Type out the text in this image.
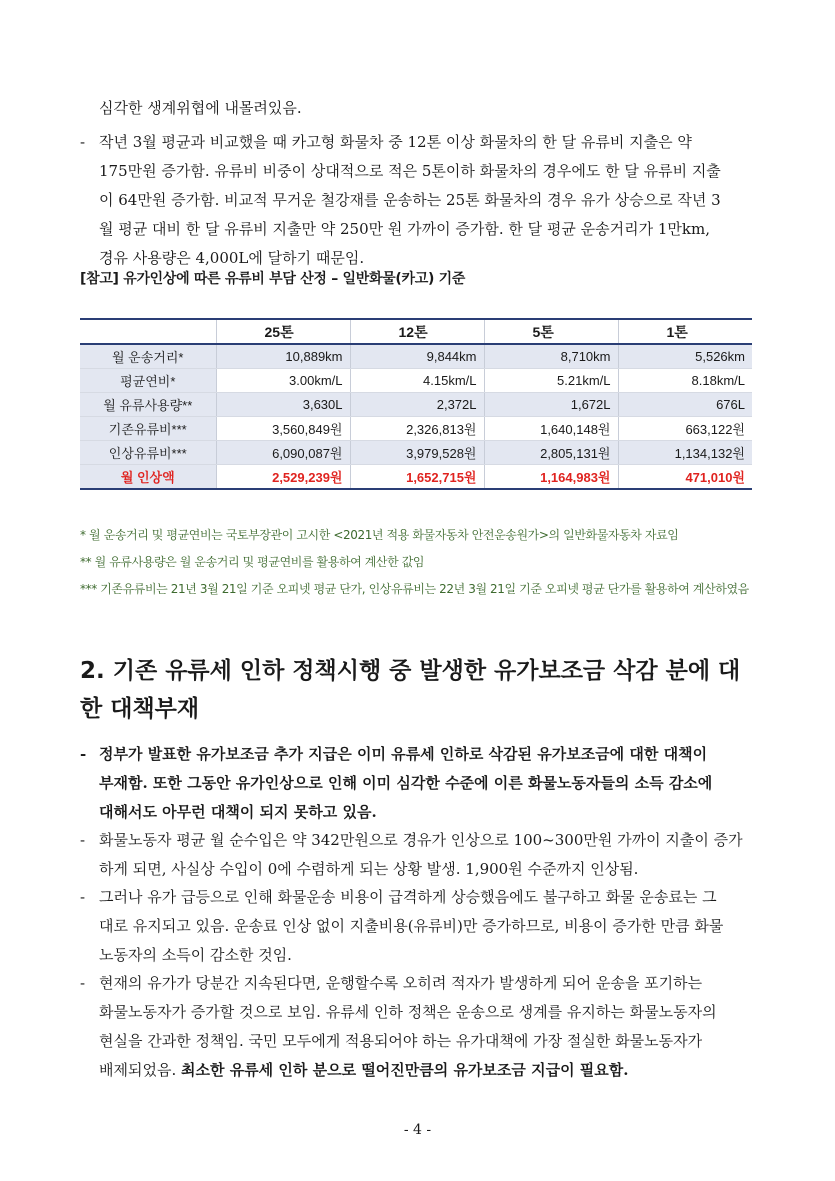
심각한 생계위협에 내몰려있음.

- 작년 3월 평균과 비교했을 때 카고형 화물차 중 12톤 이상 화물차의 한 달 유류비 지출은 약
175만원 증가함. 유류비 비중이 상대적으로 적은 5톤이하 화물차의 경우에도 한 달 유류비 지출
이 64만원 증가함. 비교적 무거운 철강재를 운송하는 25톤 화물차의 경우 유가 상승으로 작년 3
월 평균 대비 한 달 유류비 지출만 약 250만 원 가까이 증가함. 한 달 평균 운송거리가 1만km,
경유 사용량은 4,000L에 달하기 때문임.
[참고] 유가인상에 따른 유류비 부담 산정 – 일반화물(카고) 기준
	25톤	12톤	5톤	1톤
월 운송거리*	10,889km	9,844km	8,710km	5,526km
평균연비*	3.00km/L	4.15km/L	5.21km/L	8.18km/L
월 유류사용량**	3,630L	2,372L	1,672L	676L
기존유류비***	3,560,849원	2,326,813원	1,640,148원	663,122원
인상유류비***	6,090,087원	3,979,528원	2,805,131원	1,134,132원
월 인상액	2,529,239원	1,652,715원	1,164,983원	471,010원

* 월 운송거리 및 평균연비는 국토부장관이 고시한 <2021년 적용 화물자동차 안전운송원가>의 일반화물자동차 자료임

** 월 유류사용량은 월 운송거리 및 평균연비를 활용하여 계산한 값임

*** 기존유류비는 21년 3월 21일 기준 오피넷 평균 단가, 인상유류비는 22년 3월 21일 기준 오피넷 평균 단가를 활용하여 계산하였음

2. 기존 유류세 인하 정책시행 중 발생한 유가보조금 삭감 분에 대한 대책부재
- 정부가 발표한 유가보조금 추가 지급은 이미 유류세 인하로 삭감된 유가보조금에 대한 대책이
부재함. 또한 그동안 유가인상으로 인해 이미 심각한 수준에 이른 화물노동자들의 소득 감소에
대해서도 아무런 대책이 되지 못하고 있음.
- 화물노동자 평균 월 순수입은 약 342만원으로 경유가 인상으로 100~300만원 가까이 지출이 증가
하게 되면, 사실상 수입이 0에 수렴하게 되는 상황 발생. 1,900원 수준까지 인상됨.
- 그러나 유가 급등으로 인해 화물운송 비용이 급격하게 상승했음에도 불구하고 화물 운송료는 그
대로 유지되고 있음. 운송료 인상 없이 지출비용(유류비)만 증가하므로, 비용이 증가한 만큼 화물
노동자의 소득이 감소한 것임.
- 현재의 유가가 당분간 지속된다면, 운행할수록 오히려 적자가 발생하게 되어 운송을 포기하는
화물노동자가 증가할 것으로 보임. 유류세 인하 정책은 운송으로 생계를 유지하는 화물노동자의
현실을 간과한 정책임. 국민 모두에게 적용되어야 하는 유가대책에 가장 절실한 화물노동자가
배제되었음. 최소한 유류세 인하 분으로 떨어진만큼의 유가보조금 지급이 필요함.
- 4 -
